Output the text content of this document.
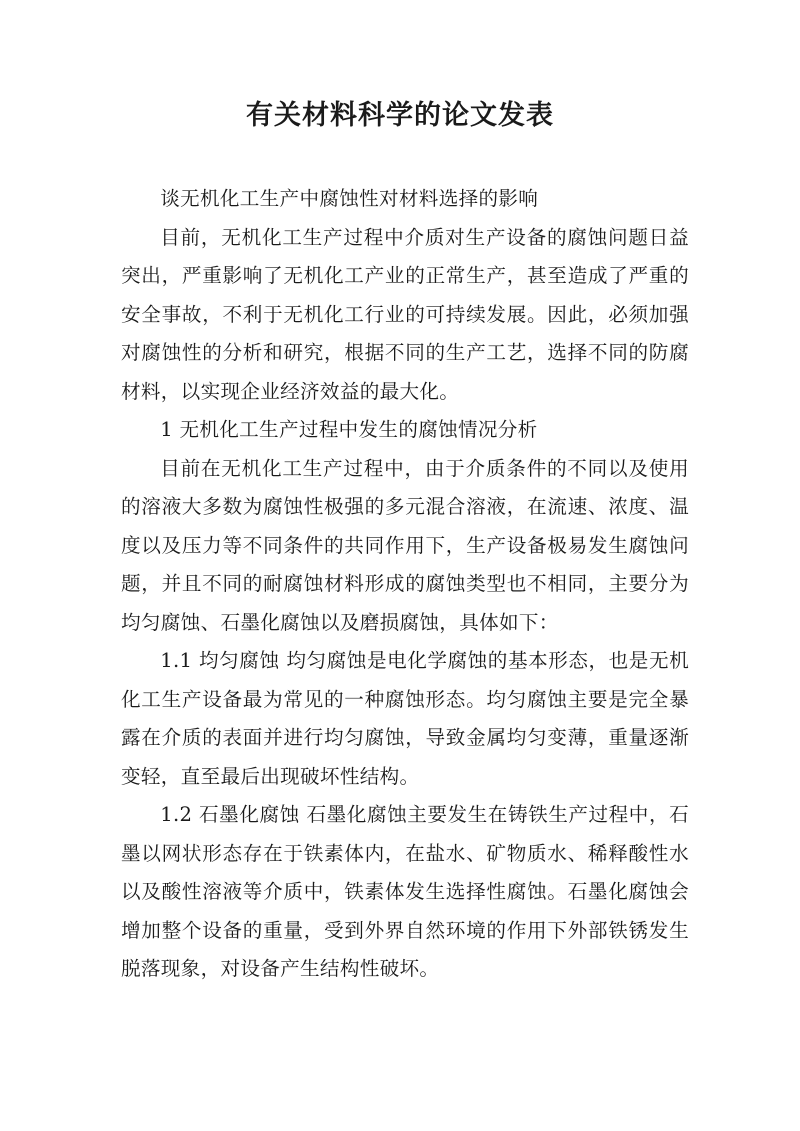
有关材料科学的论文发表

谈无机化工生产中腐蚀性对材料选择的影响

目前，无机化工生产过程中介质对生产设备的腐蚀问题日益突出，严重影响了无机化工产业的正常生产，甚至造成了严重的安全事故，不利于无机化工行业的可持续发展。因此，必须加强对腐蚀性的分析和研究，根据不同的生产工艺，选择不同的防腐材料，以实现企业经济效益的最大化。

1 无机化工生产过程中发生的腐蚀情况分析

目前在无机化工生产过程中，由于介质条件的不同以及使用的溶液大多数为腐蚀性极强的多元混合溶液，在流速、浓度、温度以及压力等不同条件的共同作用下，生产设备极易发生腐蚀问题，并且不同的耐腐蚀材料形成的腐蚀类型也不相同，主要分为均匀腐蚀、石墨化腐蚀以及磨损腐蚀，具体如下：

1.1 均匀腐蚀 均匀腐蚀是电化学腐蚀的基本形态，也是无机化工生产设备最为常见的一种腐蚀形态。均匀腐蚀主要是完全暴露在介质的表面并进行均匀腐蚀，导致金属均匀变薄，重量逐渐变轻，直至最后出现破坏性结构。

1.2 石墨化腐蚀 石墨化腐蚀主要发生在铸铁生产过程中，石墨以网状形态存在于铁素体内，在盐水、矿物质水、稀释酸性水以及酸性溶液等介质中，铁素体发生选择性腐蚀。石墨化腐蚀会增加整个设备的重量，受到外界自然环境的作用下外部铁锈发生脱落现象，对设备产生结构性破坏。
